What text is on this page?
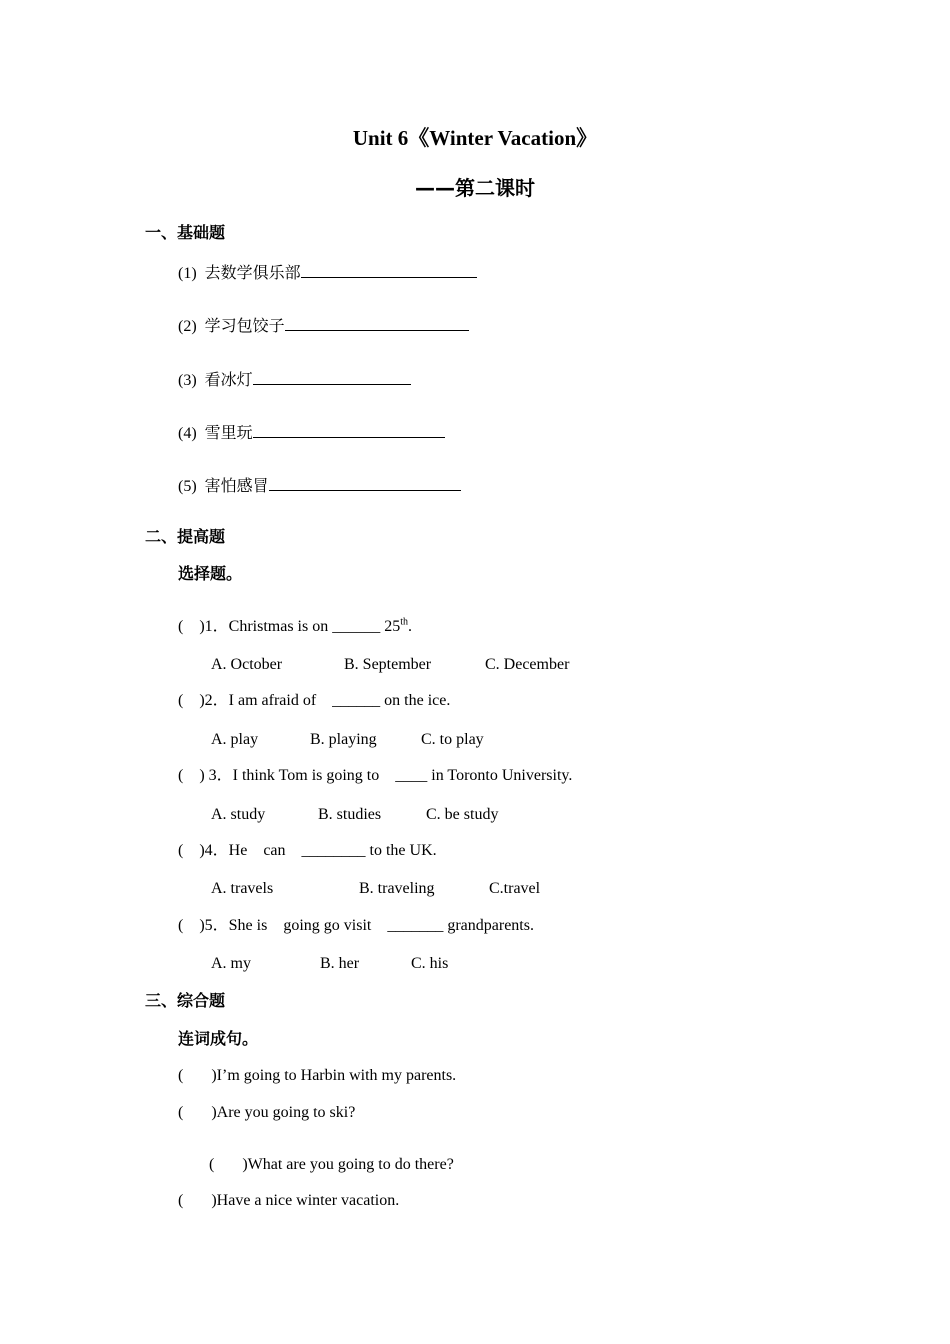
Unit 6《Winter Vacation》
——第二课时
一、基础题
(1) 去数学俱乐部
(2) 学习包饺子
(3) 看冰灯
(4) 雪里玩
(5) 害怕感冒
二、提高题
选择题。
(    )1．Christmas is on ______ 25th.
A. October	B. September	C. December
(    )2．I am afraid of    ______ on the ice.
A. play	B. playing	C. to play
(    ) 3．I think Tom is going to    ____ in Toronto University.
A. study	B. studies	C. be study
(    )4．He    can    ________ to the UK.
A. travels	B. traveling	C.travel
(    )5．She is    going go visit    _______ grandparents.
A. my	B. her	C. his
三、综合题
连词成句。
(       )I’m going to Harbin with my parents.
(       )Are you going to ski?
(       )What are you going to do there?
(       )Have a nice winter vacation.
